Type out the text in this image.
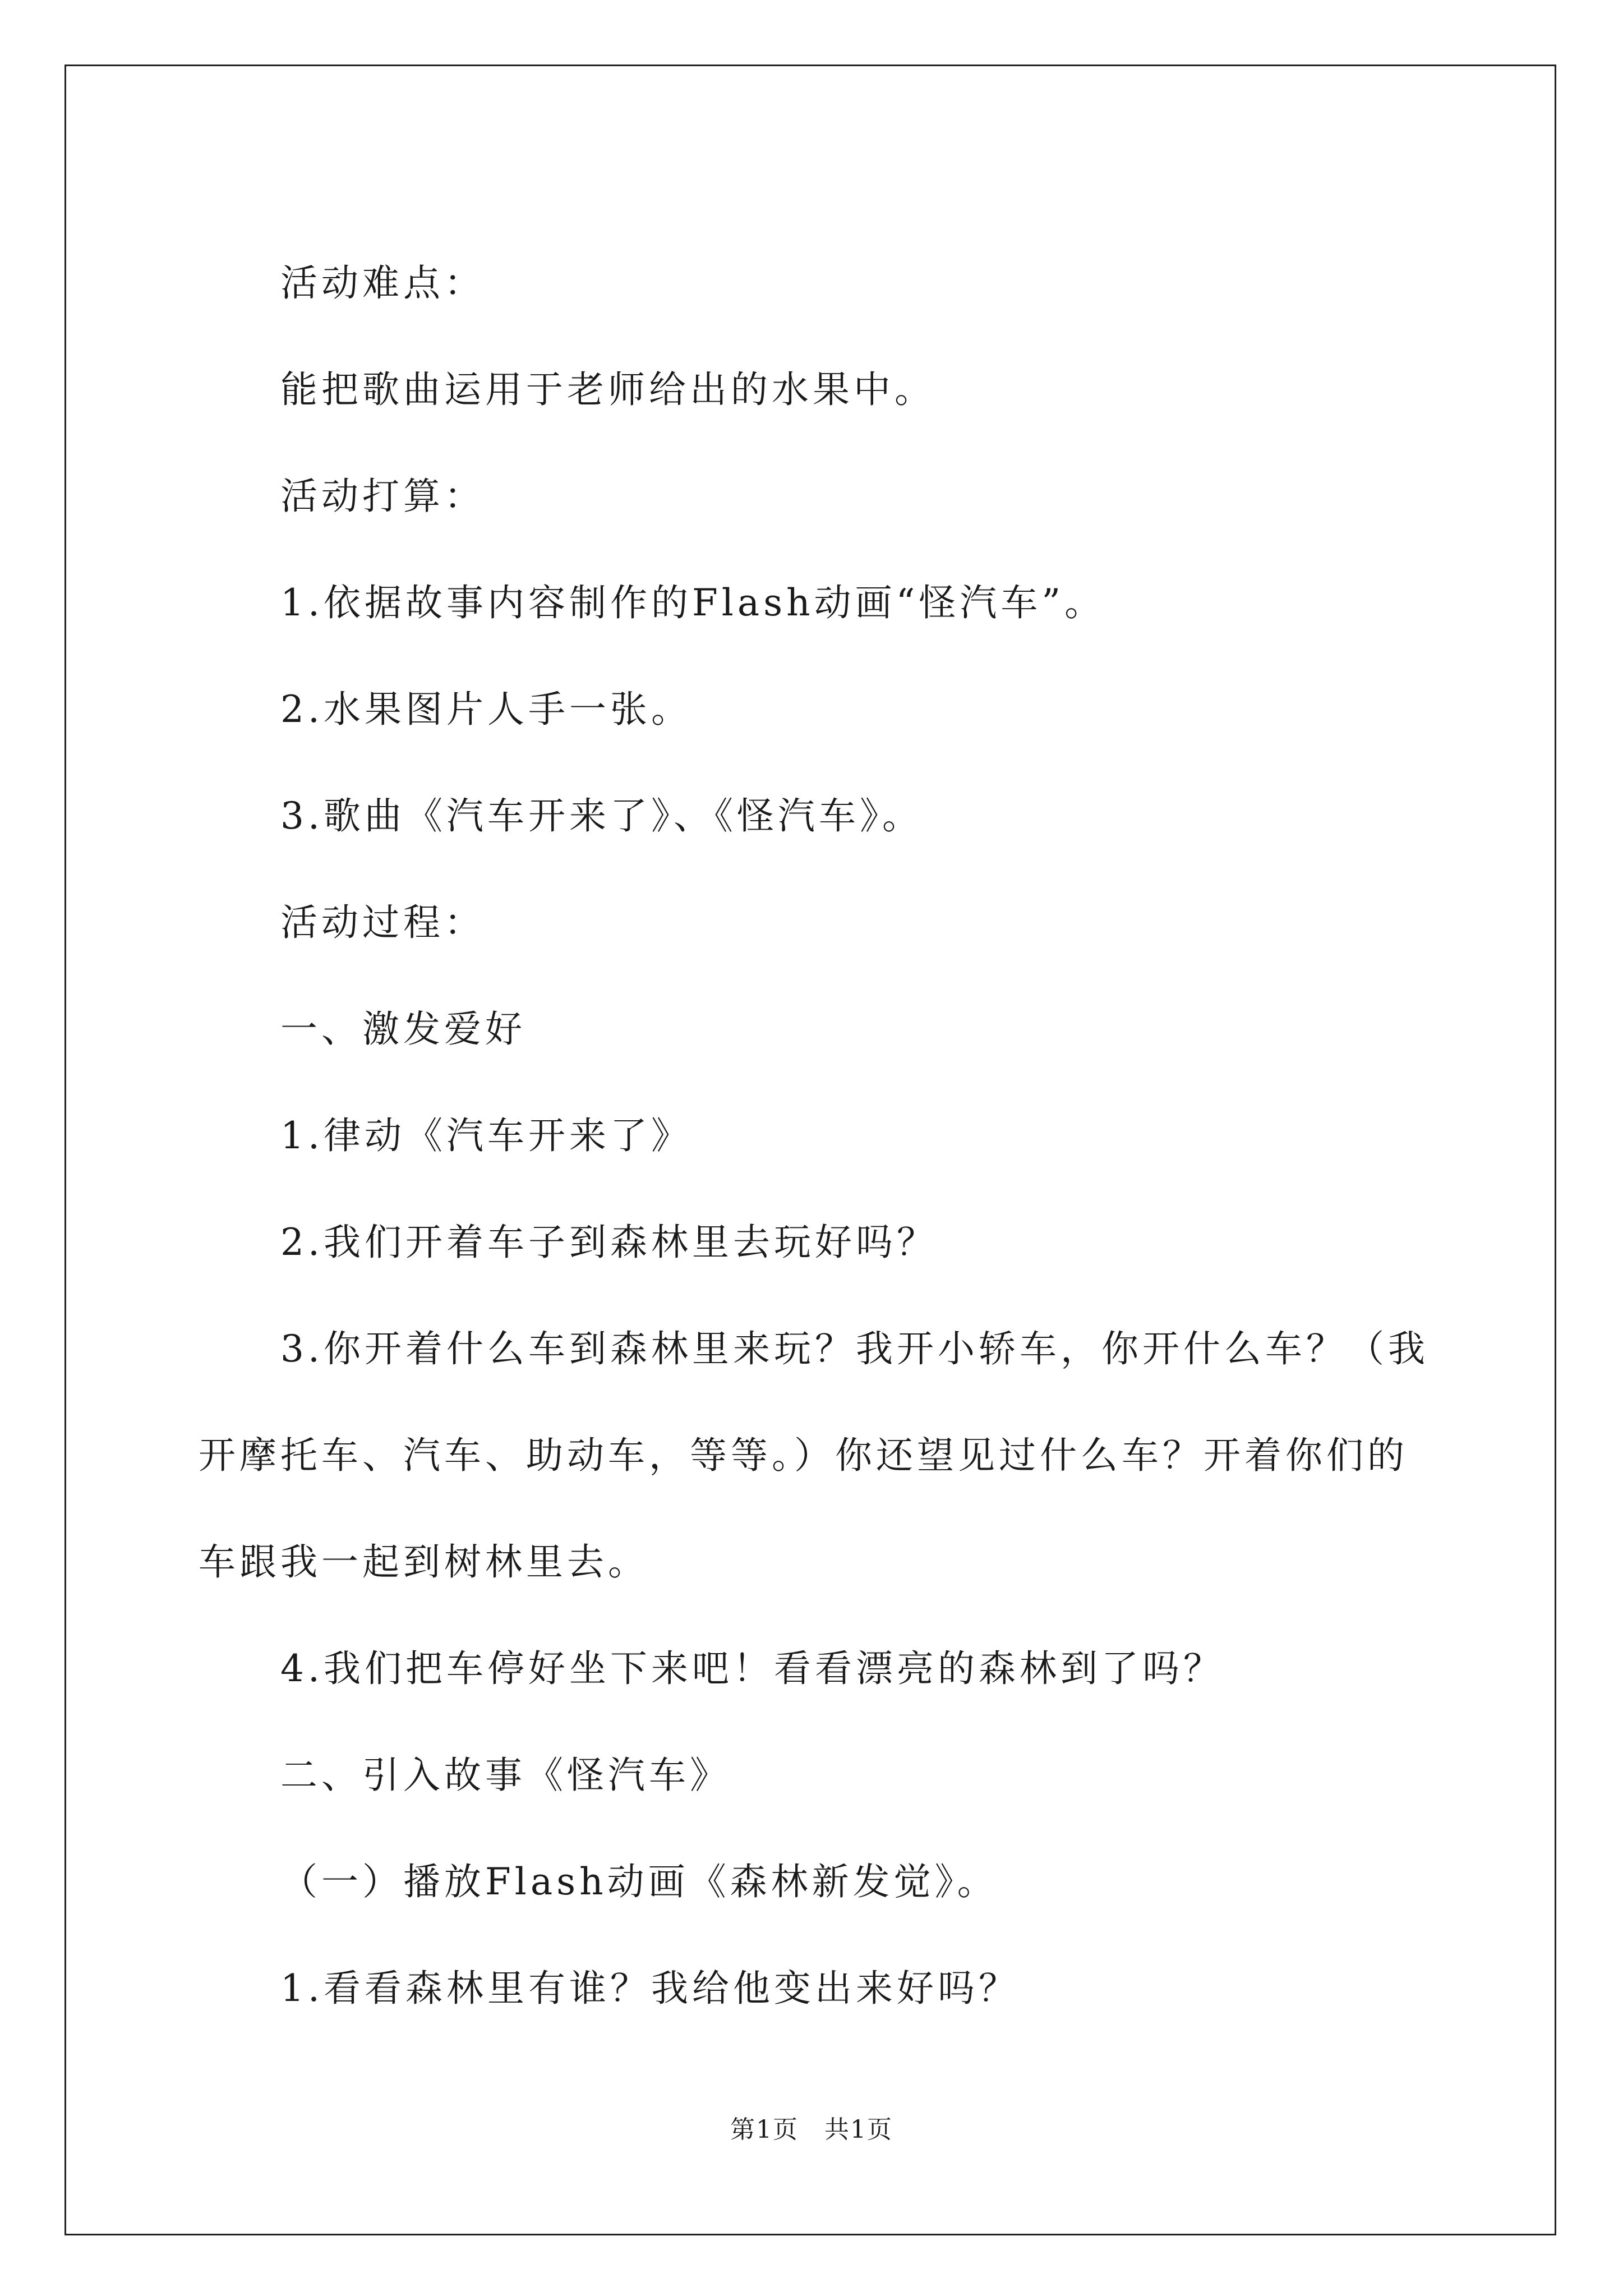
活动难点：

能把歌曲运用于老师给出的水果中。

活动打算：

1.依据故事内容制作的Flash动画“怪汽车”。

2.水果图片人手一张。

3.歌曲《汽车开来了》、《怪汽车》。

活动过程：

一、激发爱好

1.律动《汽车开来了》

2.我们开着车子到森林里去玩好吗？

3.你开着什么车到森林里来玩？我开小轿车，你开什么车？（我开摩托车、汽车、助动车，等等。）你还望见过什么车？开着你们的车跟我一起到树林里去。

4.我们把车停好坐下来吧！看看漂亮的森林到了吗？

二、引入故事《怪汽车》

（一）播放Flash动画《森林新发觉》。

1.看看森林里有谁？我给他变出来好吗？

第1页　共1页
